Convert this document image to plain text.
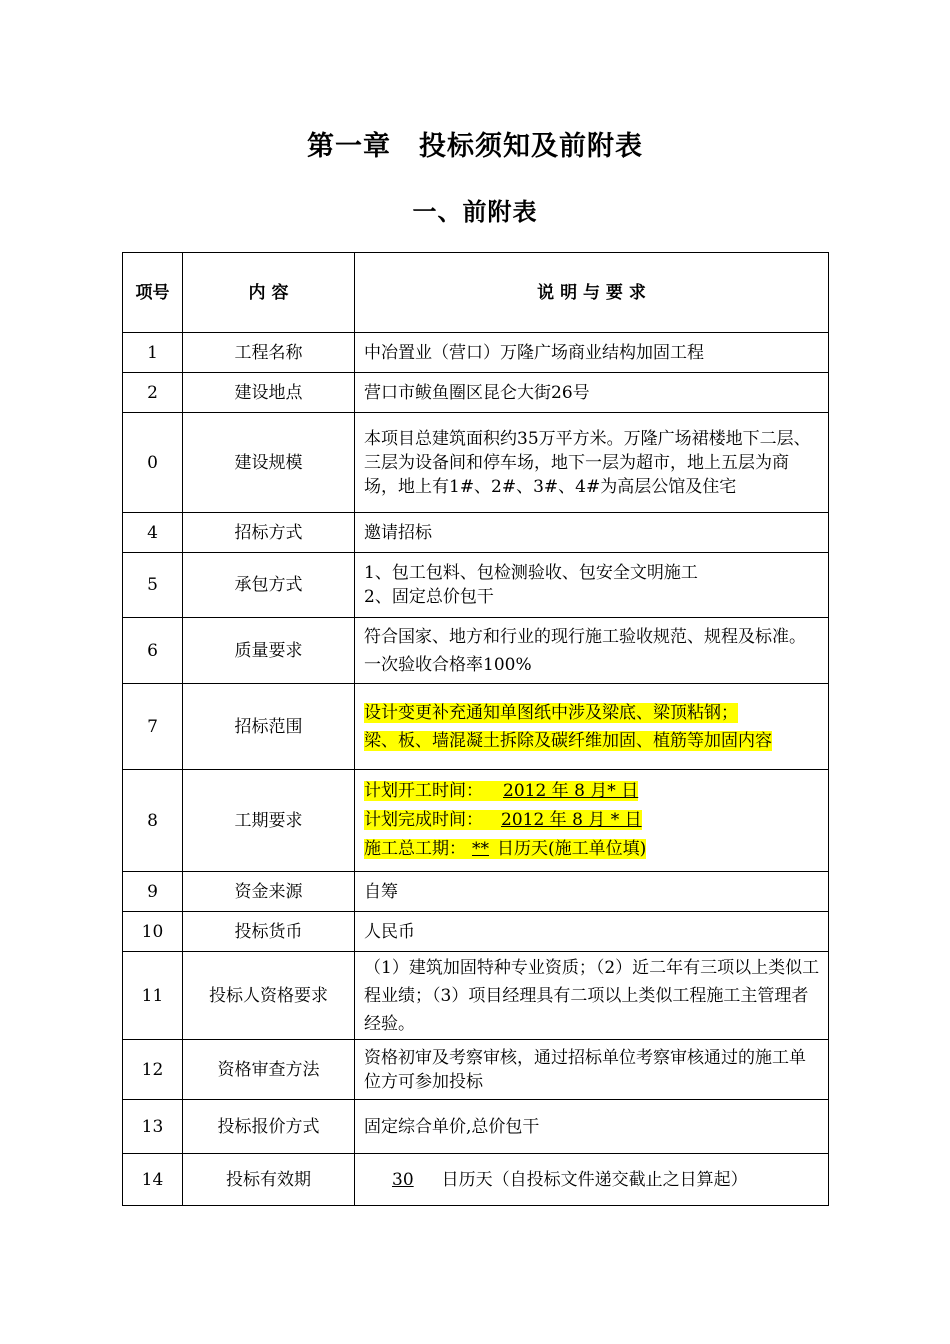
第一章　投标须知及前附表
一、前附表
项号	内 容	说 明 与 要 求
1	工程名称	中冶置业（营口）万隆广场商业结构加固工程
2	建设地点	营口市鲅鱼圈区昆仑大街26号
0	建设规模	本项目总建筑面积约35万平方米。万隆广场裙楼地下二层、三层为设备间和停车场，地下一层为超市，地上五层为商场，地上有1#、2#、3#、4#为高层公馆及住宅
4	招标方式	邀请招标
5	承包方式	1、包工包料、包检测验收、包安全文明施工
2、固定总价包干

6	质量要求	符合国家、地方和行业的现行施工验收规范、规程及标准。一次验收合格率100%
7	招标范围	设计变更补充通知单图纸中涉及梁底、梁顶粘钢；
梁、板、墙混凝土拆除及碳纤维加固、植筋等加固内容
8	工期要求	计划开工时间： 2012 年 8 月* 日
计划完成时间： 2012 年 8 月 * 日
施工总工期： ** 日历天(施工单位填)

9	资金来源	自筹
10	投标货币	人民币
11	投标人资格要求	（1）建筑加固特种专业资质；（2）近二年有三项以上类似工程业绩；（3）项目经理具有二项以上类似工程施工主管理者经验。
12	资格审查方法	资格初审及考察审核，通过招标单位考察审核通过的施工单位方可参加投标
13	投标报价方式	固定综合单价,总价包干
14	投标有效期	30 日历天（自投标文件递交截止之日算起）
